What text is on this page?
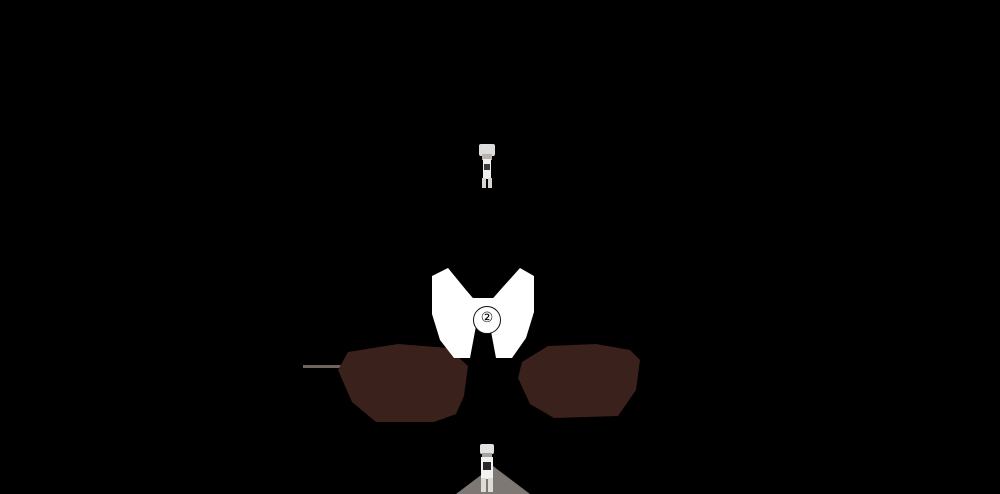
②
